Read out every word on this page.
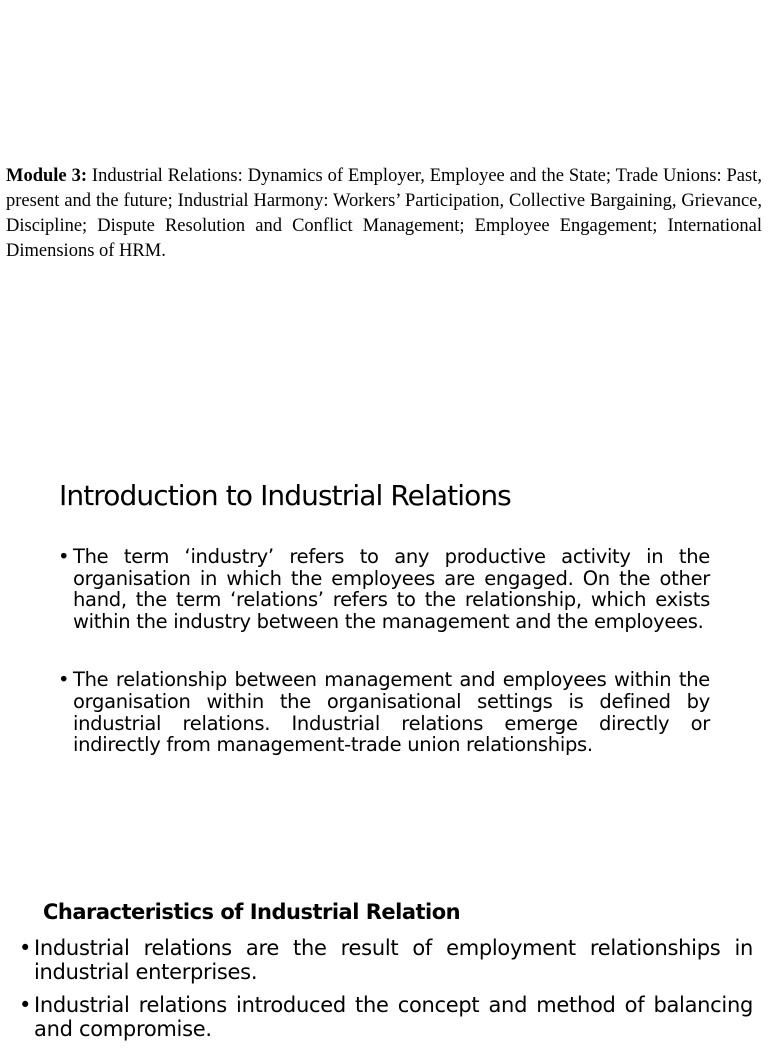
Module 3: Industrial Relations: Dynamics of Employer, Employee and the State; Trade Unions: Past, present and the future; Industrial Harmony: Workers’ Participation, Collective Bargaining, Grievance, Discipline; Dispute Resolution and Conflict Management; Employee Engagement; International Dimensions of HRM.

Introduction to Industrial Relations
• The term ‘industry’ refers to any productive activity in the organisation in which the employees are engaged. On the other hand, the term ‘relations’ refers to the relationship, which exists within the industry between the management and the employees.
• The relationship between management and employees within the organisation within the organisational settings is defined by industrial relations. Industrial relations emerge directly or indirectly from management-trade union relationships.
Characteristics of Industrial Relation
• Industrial relations are the result of employment relationships in industrial enterprises.
• Industrial relations introduced the concept and method of balancing and compromise.
